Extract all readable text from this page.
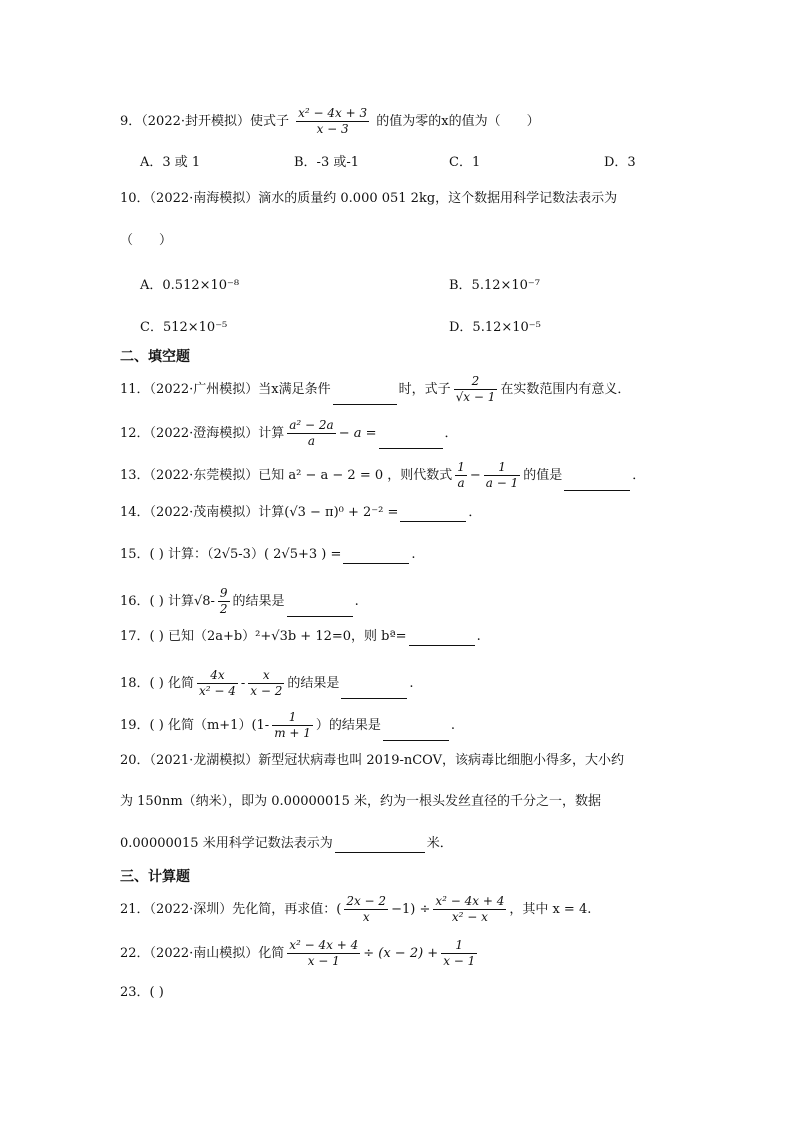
9．（2022·封开模拟）使式子 $\frac{\text{x² − 4x + 3}}{x - 3}$ 的值为零的x的值为（　　）
A．3 或 1	B．-3 或-1	C．1	D．3
10．（2022·南海模拟）滴水的质量约 0.000 051 2kg，这个数据用科学记数法表示为
（　　）
A．0.512×10⁻⁸	B．5.12×10⁻⁷
C．512×10⁻⁵	D．5.12×10⁻⁵
二、填空题
11．（2022·广州模拟）当x满足条件	时，式子 $\frac{2}{√x - 1}$ 在实数范围内有意义．
12．（2022·澄海模拟）计算 $\frac{\text{a² − 2a}}{a} - a$ =	．
13．（2022·东莞模拟）已知 a² − a − 2 = 0 ，则代数式 $\frac{1}{a} - \frac{1}{a - 1}$ 的值是	．
14．（2022·茂南模拟）计算(√3 − π)⁰ + 2⁻² =	．
15．( ) 计算：（2√5-3）( 2√5+3 ) =	.
16．( ) 计算$√8- \frac{9}{2}$ 的结果是	.
17．( ) 已知（2a+b）²+√3b + 12=0，则 bª=	.
18．( ) 化简 $\frac{4x}{\text{x² − 4}} - \frac{x}{x - 2}$ 的结果是	.
19．( ) 化简$(m+1)(1- \frac{1}{m + 1}$ ）的结果是	.
20．（2021·龙湖模拟）新型冠状病毒也叫 2019-nCOV，该病毒比细胞小得多，大小约
为 150nm（纳米），即为 0.00000015 米，约为一根头发丝直径的千分之一，数据
0.00000015 米用科学记数法表示为	米．
三、计算题
21．（2022·深圳）先化简，再求值：( $\frac{2x - 2}{x} -1) \div \frac{\text{x² − 4x + 4}}{\text{x² − x}}$ ，其中 x = 4.
22．（2022·南山模拟）化简 $\frac{\text{x² − 4x + 4}}{x - 1} \div (x - 2) + \frac{1}{x - 1}$
23．( )
